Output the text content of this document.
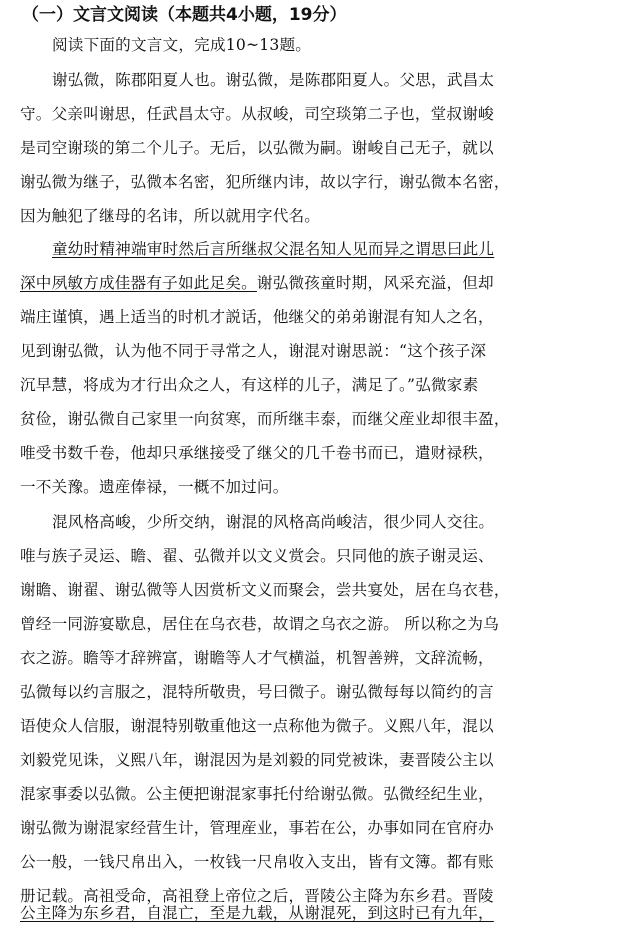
（一）文言文阅读（本题共4小题，19分）
阅读下面的文言文，完成10~13题。
谢弘微，陈郡阳夏人也。谢弘微，是陈郡阳夏人。父思，武昌太
守。父亲叫谢思，任武昌太守。从叔峻，司空琰第二子也，堂叔谢峻
是司空谢琰的第二个儿子。无后，以弘微为嗣。谢峻自己无子，就以
谢弘微为继子，弘微本名密，犯所继内讳，故以字行，谢弘微本名密，
因为触犯了继母的名讳，所以就用字代名。
童幼时精神端审时然后言所继叔父混名知人见而异之谓思曰此儿
深中夙敏方成佳器有子如此足矣。谢弘微孩童时期，风采充溢，但却
端庄谨慎，遇上适当的时机才説话，他继父的弟弟谢混有知人之名，
见到谢弘微，认为他不同于寻常之人，谢混对谢思説：“这个孩子深
沉早慧，将成为才行出众之人，有这样的儿子，满足了。”弘微家素
贫俭，谢弘微自己家里一向贫寒，而所继丰泰，而继父産业却很丰盈，
唯受书数千卷，他却只承继接受了继父的几千卷书而已，遣财禄秩，
一不关豫。遗産俸禄，一概不加过问。
混风格高峻，少所交纳，谢混的风格高尚峻洁，很少同人交往。
唯与族子灵运、瞻、翟、弘微并以文义赏会。只同他的族子谢灵运、
谢瞻、谢翟、谢弘微等人因赏析文义而聚会，尝共宴处，居在乌衣巷，
曾经一同游宴歇息，居住在乌衣巷，故谓之乌衣之游。 所以称之为乌
衣之游。瞻等才辞辨富，谢瞻等人才气横溢，机智善辨，文辞流畅，
弘微每以约言服之，混特所敬贵，号曰微子。谢弘微每每以简约的言
语使众人信服，谢混特别敬重他这一点称他为微子。义熙八年，混以
刘毅党见诛，义熙八年，谢混因为是刘毅的同党被诛，妻晋陵公主以
混家事委以弘微。公主便把谢混家事托付给谢弘微。弘微经纪生业，
谢弘微为谢混家经营生计，管理産业，事若在公，办事如同在官府办
公一般，一钱尺帛出入，一枚钱一尺帛收入支出，皆有文簿。都有账
册记载。高祖受命，高祖登上帝位之后，晋陵公主降为东乡君。晋陵
公主降为东乡君，自混亡，至是九载，从谢混死，到这时已有九年，
